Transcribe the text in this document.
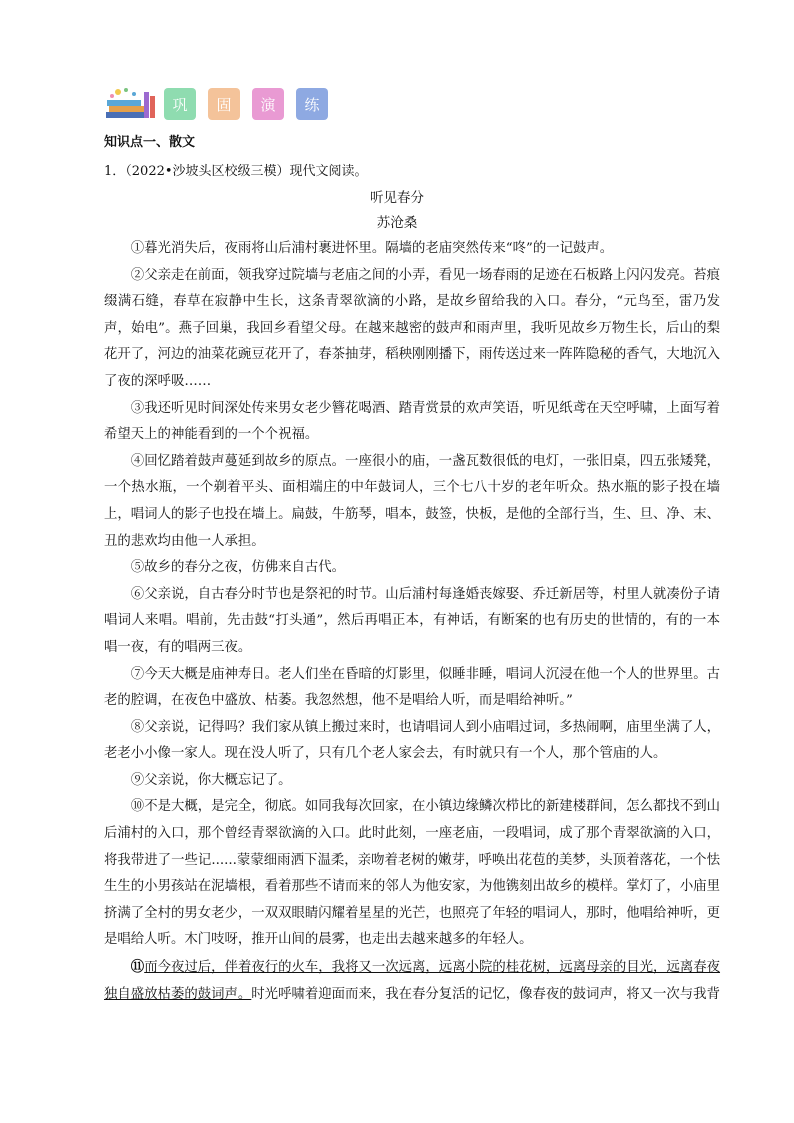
巩	固	演	练
知识点一、散文
1．（2022•沙坡头区校级三模）现代文阅读。
听见春分
苏沧桑

①暮光消失后，夜雨将山后浦村裹进怀里。隔墙的老庙突然传来“咚”的一记鼓声。

②父亲走在前面，领我穿过院墙与老庙之间的小弄，看见一场春雨的足迹在石板路上闪闪发亮。苔痕缀满石缝，春草在寂静中生长，这条青翠欲滴的小路，是故乡留给我的入口。春分，“元鸟至，雷乃发声，始电”。燕子回巢，我回乡看望父母。在越来越密的鼓声和雨声里，我听见故乡万物生长，后山的梨花开了，河边的油菜花豌豆花开了，春茶抽芽，稻秧刚刚播下，雨传送过来一阵阵隐秘的香气，大地沉入了夜的深呼吸……

③我还听见时间深处传来男女老少簪花喝酒、踏青赏景的欢声笑语，听见纸鸢在天空呼啸，上面写着希望天上的神能看到的一个个祝福。

④回忆踏着鼓声蔓延到故乡的原点。一座很小的庙，一盏瓦数很低的电灯，一张旧桌，四五张矮凳，一个热水瓶，一个剃着平头、面相端庄的中年鼓词人，三个七八十岁的老年听众。热水瓶的影子投在墙上，唱词人的影子也投在墙上。扁鼓，牛筋琴，唱本，鼓签，快板，是他的全部行当，生、旦、净、末、丑的悲欢均由他一人承担。

⑤故乡的春分之夜，仿佛来自古代。

⑥父亲说，自古春分时节也是祭祀的时节。山后浦村每逢婚丧嫁娶、乔迁新居等，村里人就凑份子请唱词人来唱。唱前，先击鼓“打头通”，然后再唱正本，有神话，有断案的也有历史的世情的，有的一本唱一夜，有的唱两三夜。

⑦今天大概是庙神寿日。老人们坐在昏暗的灯影里，似睡非睡，唱词人沉浸在他一个人的世界里。古老的腔调，在夜色中盛放、枯萎。我忽然想，他不是唱给人听，而是唱给神听。”

⑧父亲说，记得吗？我们家从镇上搬过来时，也请唱词人到小庙唱过词，多热闹啊，庙里坐满了人，老老小小像一家人。现在没人听了，只有几个老人家会去，有时就只有一个人，那个管庙的人。

⑨父亲说，你大概忘记了。

⑩不是大概，是完全，彻底。如同我每次回家，在小镇边缘鳞次栉比的新建楼群间，怎么都找不到山后浦村的入口，那个曾经青翠欲滴的入口。此时此刻，一座老庙，一段唱词，成了那个青翠欲滴的入口，将我带进了一些记......蒙蒙细雨洒下温柔，亲吻着老树的嫩芽，呼唤出花苞的美梦，头顶着落花，一个怯生生的小男孩站在泥墙根，看着那些不请而来的邻人为他安家，为他镌刻出故乡的模样。掌灯了，小庙里挤满了全村的男女老少，一双双眼睛闪耀着星星的光芒，也照亮了年轻的唱词人，那时，他唱给神听，更是唱给人听。木门吱呀，推开山间的晨雾，也走出去越来越多的年轻人。

⑪而今夜过后，伴着夜行的火车，我将又一次远离，远离小院的桂花树，远离母亲的目光，远离春夜独自盛放枯萎的鼓词声。时光呼啸着迎面而来，我在春分复活的记忆，像春夜的鼓词声，将又一次与我背
